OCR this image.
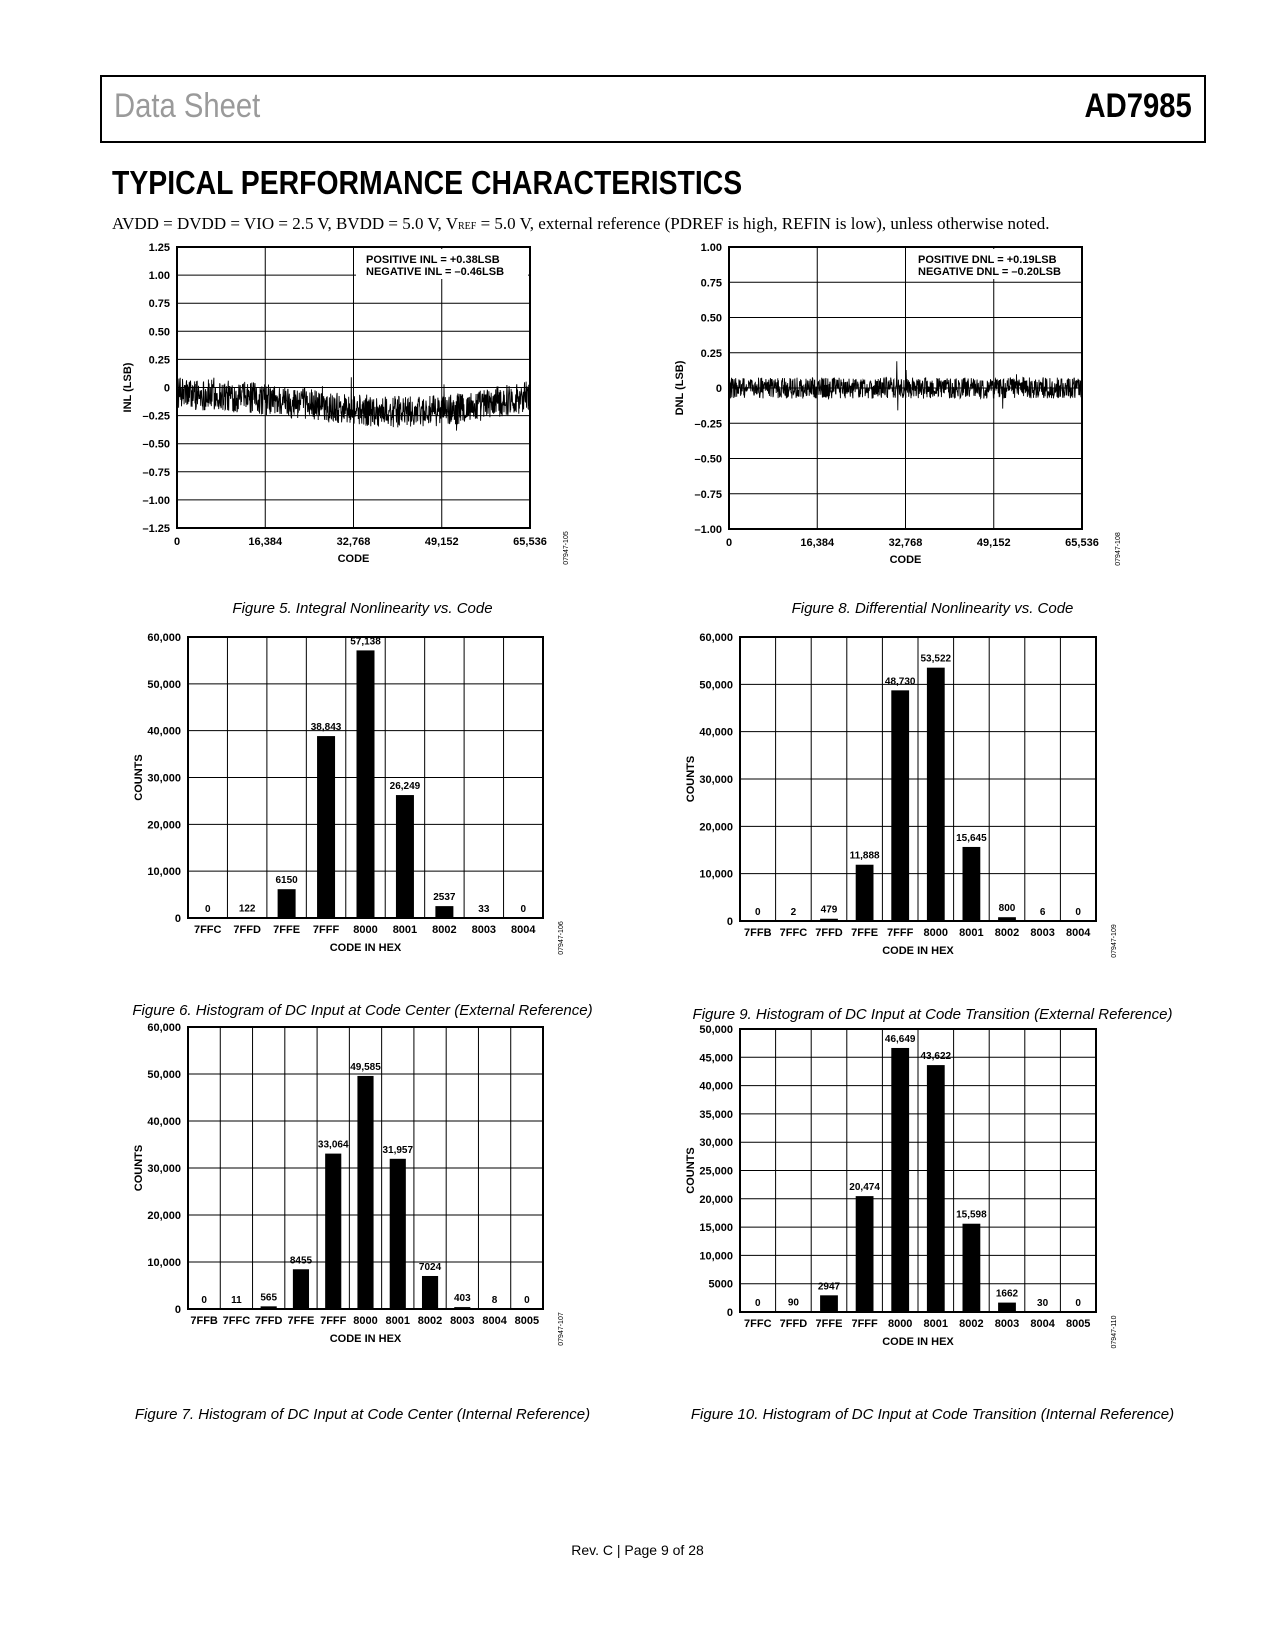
Data Sheet	AD7985
TYPICAL PERFORMANCE CHARACTERISTICS
AVDD = DVDD = VIO = 2.5 V, BVDD = 5.0 V, VREF = 5.0 V, external reference (PDREF is high, REFIN is low), unless otherwise noted.
1.25
1.00
0.75
0.50
0.25
0
–0.25
–0.50
–0.75
–1.00
–1.25
0	16,384	32,768	49,152	65,536
POSITIVE INL = +0.38LSB
NEGATIVE INL = –0.46LSB
CODE
INL (LSB)
07947-105
Figure 5. Integral Nonlinearity vs. Code
1.00
0.75
0.50
0.25
0
–0.25
–0.50
–0.75
–1.00
0	16,384	32,768	49,152	65,536
POSITIVE DNL = +0.19LSB
NEGATIVE DNL = –0.20LSB
CODE
DNL (LSB)
07947-108
Figure 8. Differential Nonlinearity vs. Code
60,000
50,000
40,000
30,000
20,000
10,000
0
0
7FFC
122
7FFD
6150
7FFE
38,843
7FFF
57,138
8000
26,249
8001
2537
8002
33
8003
0
8004
CODE IN HEX
COUNTS
07947-106
Figure 6. Histogram of DC Input at Code Center (External Reference)
60,000
50,000
40,000
30,000
20,000
10,000
0
0
7FFB
2
7FFC
479
7FFD
11,888
7FFE
48,730
7FFF
53,522
8000
15,645
8001
800
8002
6
8003
0
8004
CODE IN HEX
COUNTS
07947-109
Figure 9. Histogram of DC Input at Code Transition (External Reference)
60,000
50,000
40,000
30,000
20,000
10,000
0
0
7FFB
11
7FFC
565
7FFD
8455
7FFE
33,064
7FFF
49,585
8000
31,957
8001
7024
8002
403
8003
8
8004
0
8005
CODE IN HEX
COUNTS
07947-107
Figure 7. Histogram of DC Input at Code Center (Internal Reference)
50,000
45,000
40,000
35,000
30,000
25,000
20,000
15,000
10,000
5000
0
0
7FFC
90
7FFD
2947
7FFE
20,474
7FFF
46,649
8000
43,622
8001
15,598
8002
1662
8003
30
8004
0
8005
CODE IN HEX
COUNTS
07947-110
Figure 10. Histogram of DC Input at Code Transition (Internal Reference)
Rev. C | Page 9 of 28
